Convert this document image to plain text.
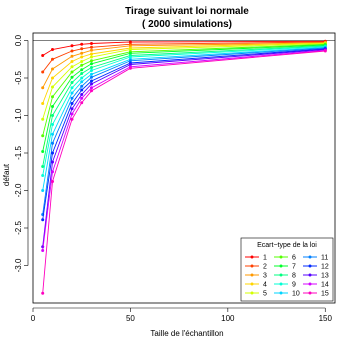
Tirage suivant loi normale
( 2000 simulations)
0	50	100	150
-3.0
-2.5
-2.0
-1.5
-1.0
-0.5
0.0
Taille de l'échantillon
défaut
Ecart−type de la loi
1
2
3
4
5
6
7
8
9
10
11
12
13
14
15
